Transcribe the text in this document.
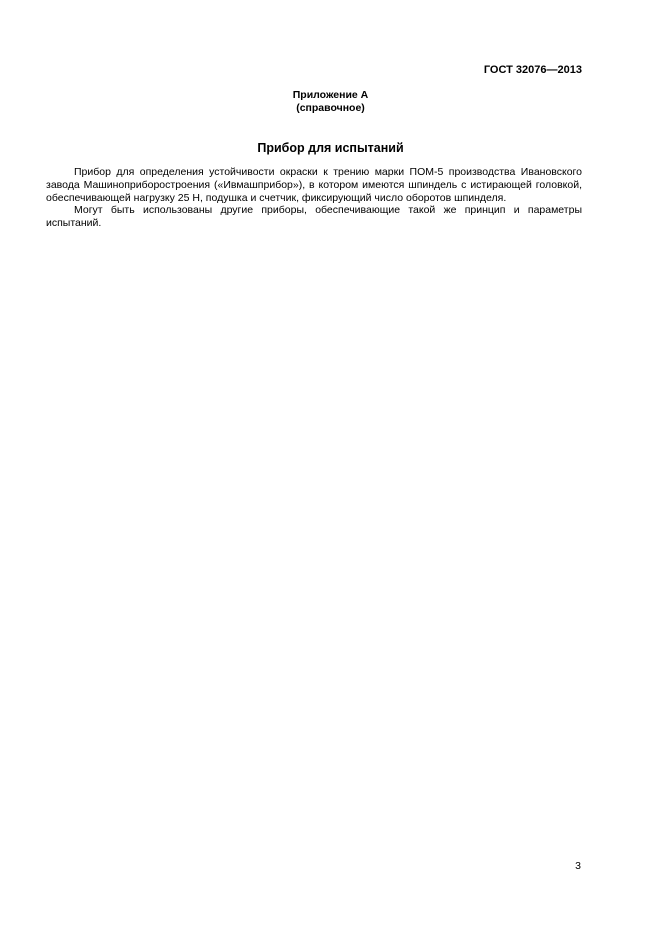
ГОСТ 32076—2013
Приложение А
(справочное)
Прибор для испытаний

Прибор для определения устойчивости окраски к трению марки ПОМ-5 производства Ивановского завода Машиноприборостроения («Ивмашприбор»), в котором имеются шпиндель с истирающей головкой, обеспечивающей нагрузку 25 Н, подушка и счетчик, фиксирующий число оборотов шпинделя.

Могут быть использованы другие приборы, обеспечивающие такой же принцип и параметры испытаний.

3
